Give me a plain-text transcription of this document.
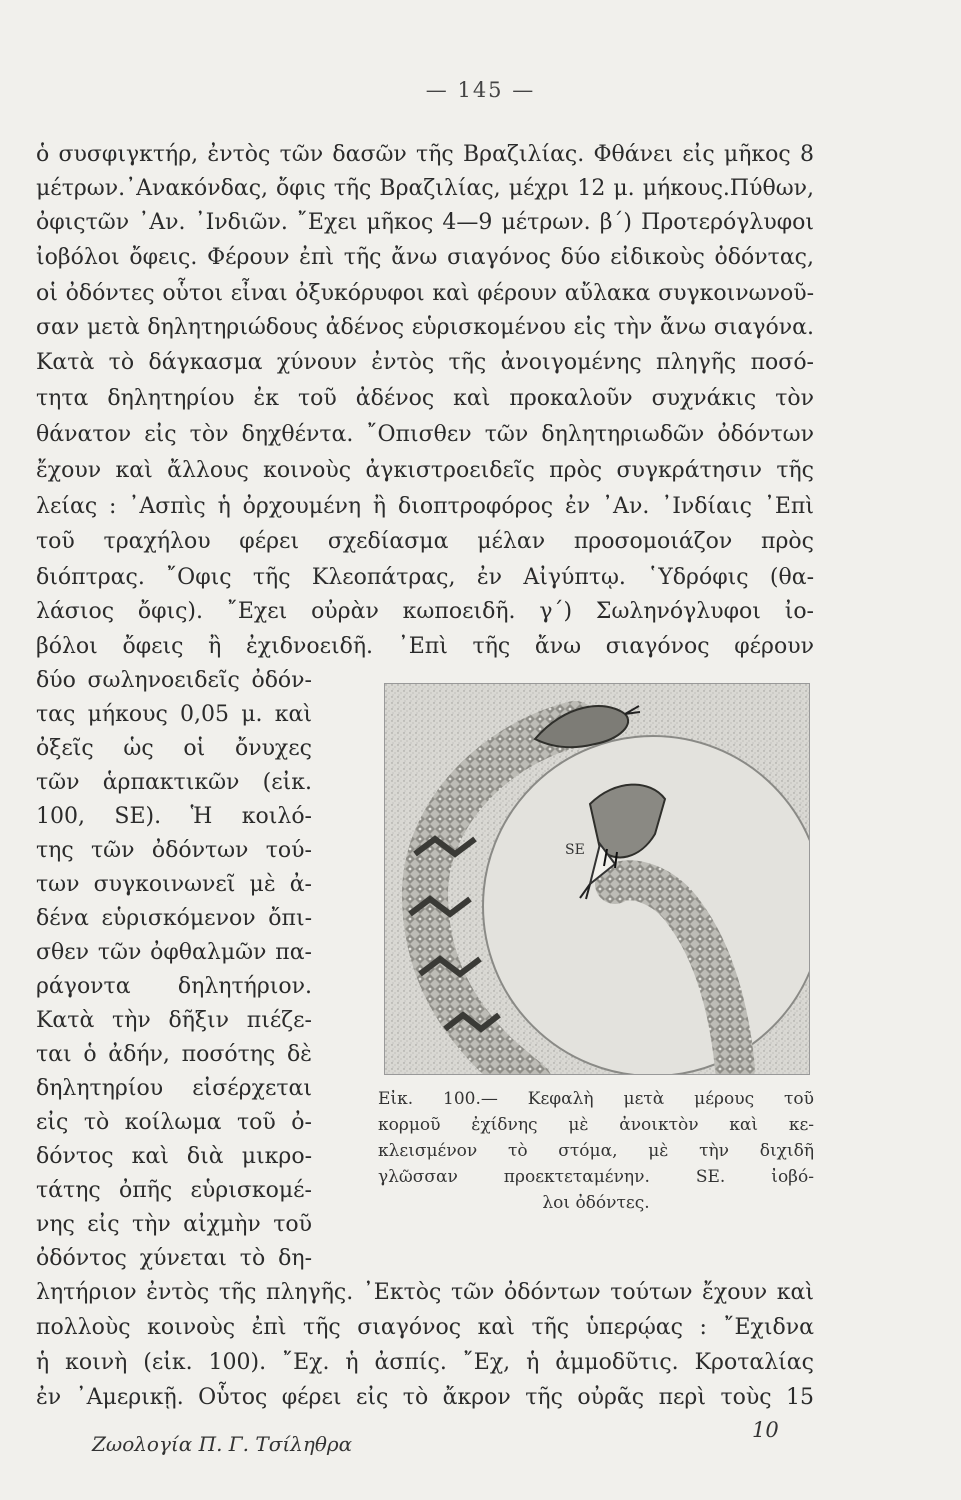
— 145 —
ὁ συσφιγκτήρ, ἐντὸς τῶν δασῶν τῆς Βραζιλίας. Φθάνει εἰς μῆκος 8
μέτρων.᾿Ανακόνδας, ὄφις τῆς Βραζιλίας, μέχρι 12 μ. μήκους.Πύθων,
ὀφιςτῶν ᾿Αν. ᾿Ινδιῶν. ῎Εχει μῆκος 4—9 μέτρων. β΄) Προτερόγλυφοι
ἰοβόλοι ὄφεις. Φέρουν ἐπὶ τῆς ἄνω σιαγόνος δύο εἰδικοὺς ὀδόντας,
οἱ ὀδόντες οὗτοι εἶναι ὀξυκόρυφοι καὶ φέρουν αὔλακα συγκοινωνοῦ-
σαν μετὰ δηλητηριώδους ἀδένος εὑρισκομένου εἰς τὴν ἄνω σιαγόνα.
Κατὰ τὸ δάγκασμα χύνουν ἐντὸς τῆς ἀνοιγομένης πληγῆς ποσό-
τητα δηλητηρίου ἐκ τοῦ ἀδένος καὶ προκαλοῦν συχνάκις τὸν
θάνατον εἰς τὸν δηχθέντα. ῎Οπισθεν τῶν δηλητηριωδῶν ὀδόντων
ἔχουν καὶ ἄλλους κοινοὺς ἀγκιστροειδεῖς πρὸς συγκράτησιν τῆς
λείας : ᾿Ασπὶς ἡ ὀρχουμένη ἢ διοπτροφόρος ἐν ᾿Αν. ᾿Ινδίαις ᾿Επὶ
τοῦ τραχήλου φέρει σχεδίασμα μέλαν προσομοιάζον πρὸς
διόπτρας. ῎Οφις τῆς Κλεοπάτρας, ἐν Αἰγύπτῳ. ῾Υδρόφις (θα-
λάσιος ὄφις). ῎Εχει οὐρὰν κωποειδῆ. γ΄) Σωληνόγλυφοι ἰο-
βόλοι ὄφεις ἢ ἐχιδνοειδῆ. ᾿Επὶ τῆς ἄνω σιαγόνος φέρουν
δύο σωληνοειδεῖς ὀδόν-
τας μήκους 0,05 μ. καὶ
ὀξεῖς ὡς οἱ ὄνυχες
τῶν ἁρπακτικῶν (εἰκ.
100, SE). Ἡ κοιλό-
της τῶν ὀδόντων τού-
των συγκοινωνεῖ μὲ ἀ-
δένα εὑρισκόμενον ὄπι-
σθεν τῶν ὀφθαλμῶν πα-
ράγοντα δηλητήριον.
Κατὰ τὴν δῆξιν πιέζε-
ται ὁ ἀδήν, ποσότης δὲ
δηλητηρίου εἰσέρχεται
εἰς τὸ κοίλωμα τοῦ ὀ-
δόντος καὶ διὰ μικρο-
τάτης ὀπῆς εὑρισκομέ-
νης εἰς τὴν αἰχμὴν τοῦ
ὀδόντος χύνεται τὸ δη-
λητήριον ἐντὸς τῆς πληγῆς. ᾿Εκτὸς τῶν ὀδόντων τούτων ἔχουν καὶ
πολλοὺς κοινοὺς ἐπὶ τῆς σιαγόνος καὶ τῆς ὑπερῴας : ῎Εχιδνα
ἡ κοινὴ (εἰκ. 100). ῎Εχ. ἡ ἀσπίς. ῎Εχ, ἡ ἀμμοδῦτις. Κροταλίας
ἐν ᾿Αμερικῇ. Οὗτος φέρει εἰς τὸ ἄκρον τῆς οὐρᾶς περὶ τοὺς 15
SE
Εἰκ. 100.— Κεφαλὴ μετὰ μέρους τοῦ
κορμοῦ ἐχίδνης μὲ ἀνοικτὸν καὶ κε-
κλεισμένον τὸ στόμα, μὲ τὴν διχιδῆ
γλῶσσαν προεκτεταμένην. SE. ἰοβό-
λοι ὀδόντες.
Ζωολογία Π. Γ. Τσίληθρα
10
